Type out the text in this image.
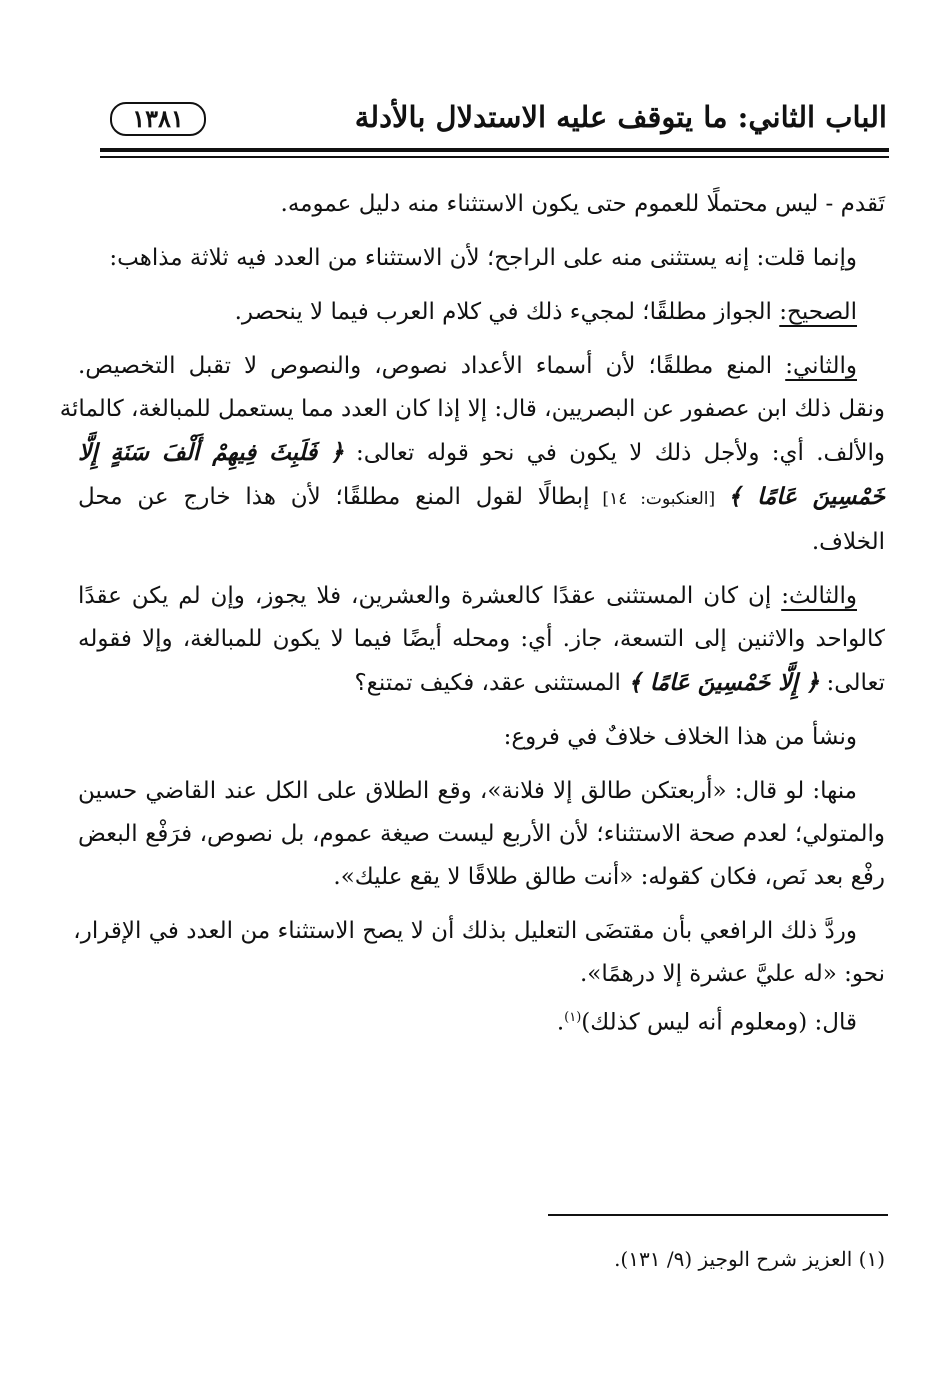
الباب الثاني: ما يتوقف عليه الاستدلال بالأدلة
١٣٨١
تَقدم - ليس محتملًا للعموم حتى يكون الاستثناء منه دليل عمومه.
وإنما قلت: إنه يستثنى منه على الراجح؛ لأن الاستثناء من العدد فيه ثلاثة مذاهب:
الصحيح: الجواز مطلقًا؛ لمجيء ذلك في كلام العرب فيما لا ينحصر.
والثاني: المنع مطلقًا؛ لأن أسماء الأعداد نصوص، والنصوص لا تقبل التخصيص.
ونقل ذلك ابن عصفور عن البصريين، قال: إلا إذا كان العدد مما يستعمل للمبالغة، كالمائة
والألف. أي: ولأجل ذلك لا يكون في نحو قوله تعالى: ﴿ فَلَبِثَ فِيهِمْ أَلْفَ سَنَةٍ إِلَّا
خَمْسِينَ عَامًا ﴾ [العنكبوت: ١٤] إبطالًا لقول المنع مطلقًا؛ لأن هذا خارج عن محل
الخلاف.
والثالث: إن كان المستثنى عقدًا كالعشرة والعشرين، فلا يجوز، وإن لم يكن عقدًا
كالواحد والاثنين إلى التسعة، جاز. أي: ومحله أيضًا فيما لا يكون للمبالغة، وإلا فقوله
تعالى: ﴿ إِلَّا خَمْسِينَ عَامًا ﴾ المستثنى عقد، فكيف تمتنع؟
ونشأ من هذا الخلاف خلافٌ في فروع:
منها: لو قال: «أربعتكن طالق إلا فلانة»، وقع الطلاق على الكل عند القاضي حسين
والمتولي؛ لعدم صحة الاستثناء؛ لأن الأربع ليست صيغة عموم، بل نصوص، فرَفْع البعض
رفْع بعد نَص، فكان كقوله: «أنت طالق طلاقًا لا يقع عليك».
وردَّ ذلك الرافعي بأن مقتضَى التعليل بذلك أن لا يصح الاستثناء من العدد في الإقرار،
نحو: «له عليَّ عشرة إلا درهمًا».
قال: (ومعلوم أنه ليس كذلك)$^{(١)}$.
(١) العزيز شرح الوجيز (٩/ ١٣١).
